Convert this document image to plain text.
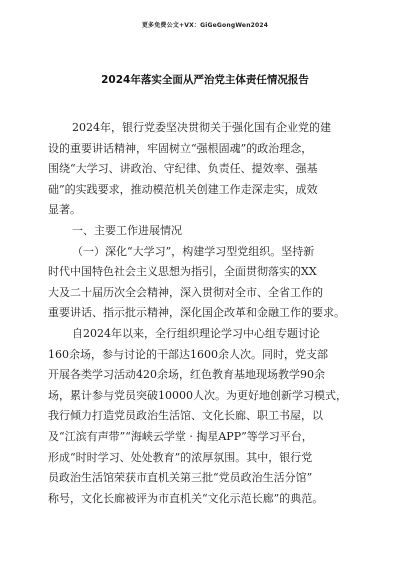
更多免费公文+VX：GiGeGongWen2024
2024年落实全面从严治党主体责任情况报告
2024年，银行党委坚决贯彻关于强化国有企业党的建
设的重要讲话精神，牢固树立“强根固魂”的政治理念，
围绕“大学习、讲政治、守纪律、负责任、提效率、强基
础”的实践要求，推动模范机关创建工作走深走实，成效
显著。
一、主要工作进展情况
（一）深化“大学习”，构建学习型党组织。坚持新
时代中国特色社会主义思想为指引，全面贯彻落实的XX
大及二十届历次全会精神，深入贯彻对全市、全省工作的
重要讲话、指示批示精神，深化国企改革和金融工作的要求。
自2024年以来，全行组织理论学习中心组专题讨论
160余场，参与讨论的干部达1600余人次。同时，党支部
开展各类学习活动420余场，红色教育基地现场教学90余
场，累计参与党员突破10000人次。为更好地创新学习模式，
我行倾力打造党员政治生活馆、文化长廊、职工书屋，以
及“江滨有声带”“海峡云学堂 · 掏星APP”等学习平台，
形成“时时学习、处处教育”的浓厚氛围。其中，银行党
员政治生活馆荣获市直机关第三批“党员政治生活分馆”
称号，文化长廊被评为市直机关“文化示范长廊”的典范。
